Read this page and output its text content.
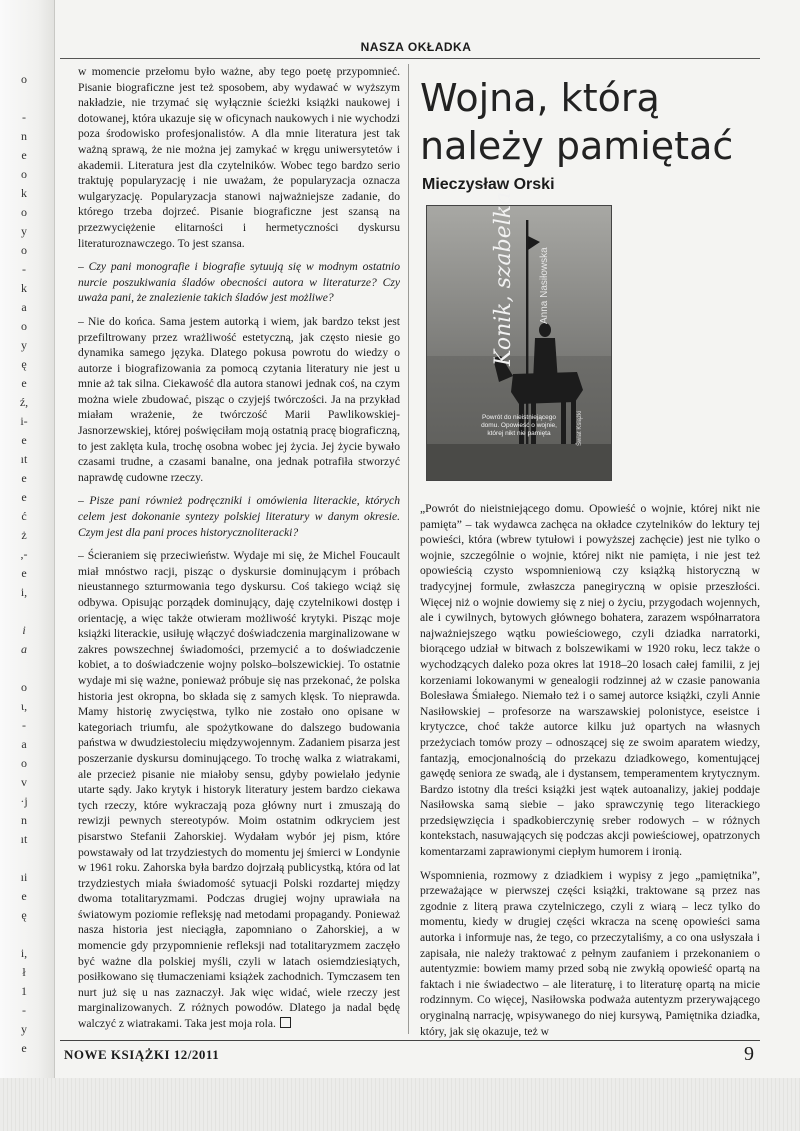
o
-
n
e
o
k
o
y
o
-
k
a
o
y
ę
e
ź,
i-
e
ıt
e
e
ć
ż
,-
e
i,
i
a
o
ι,
-
a
o
v
·j
n
ıt
ıi
e
ę
i,
ł
1
-
y
e
NASZA OKŁADKA

w momencie przełomu było ważne, aby tego poetę przypomnieć. Pisanie biograficzne jest też sposobem, aby wydawać w wyższym nakładzie, nie trzymać się wyłącznie ścieżki książki naukowej i dotowanej, która ukazuje się w oficynach naukowych i nie wychodzi poza środowisko profesjonalistów. A dla mnie literatura jest tak ważną sprawą, że nie można jej zamykać w kręgu uniwersytetów i akademii. Literatura jest dla czytelników. Wobec tego bardzo serio traktuję popularyzację i nie uważam, że popularyzacja oznacza wulgaryzację. Popularyzacja stanowi najważniejsze zadanie, do którego trzeba dojrzeć. Pisanie biograficzne jest szansą na przezwyciężenie elitarności i hermetyczności dyskursu literaturoznawczego. To jest szansa.

– Czy pani monografie i biografie sytuują się w modnym ostatnio nurcie poszukiwania śladów obecności autora w literaturze? Czy uważa pani, że znalezienie takich śladów jest możliwe?

– Nie do końca. Sama jestem autorką i wiem, jak bardzo tekst jest przefiltrowany przez wrażliwość estetyczną, jak często niesie go dynamika samego języka. Dlatego pokusa powrotu do wiedzy o autorze i biografizowania za pomocą czytania literatury nie jest u mnie aż tak silna. Ciekawość dla autora stanowi jednak coś, na czym można wiele zbudować, pisząc o czyjejś twórczości. Ja na przykład miałam wrażenie, że twórczość Marii Pawlikowskiej-Jasnorzewskiej, której poświęciłam moją ostatnią pracę biograficzną, to jest zaklęta kula, trochę osobna wobec jej życia. Jej życie bywało czasami trudne, a czasami banalne, ona jednak potrafiła stworzyć naprawdę cudowne rzeczy.

– Pisze pani również podręczniki i omówienia literackie, których celem jest dokonanie syntezy polskiej literatury w danym okresie. Czym jest dla pani proces historycznoliteracki?

– Ścieraniem się przeciwieństw. Wydaje mi się, że Michel Foucault miał mnóstwo racji, pisząc o dyskursie dominującym i próbach nieustannego szturmowania tego dyskursu. Coś takiego wciąż się odbywa. Opisując porządek dominujący, daję czytelnikowi dostęp i orientację, a więc także otwieram możliwość krytyki. Pisząc moje książki literackie, usiłuję włączyć doświadczenia marginalizowane w zakres powszechnej świadomości, przemycić a to doświadczenie kobiet, a to doświadczenie wojny polsko–bolszewickiej. To ostatnie wydaje mi się ważne, ponieważ próbuje się nas przekonać, że polska historia jest okropna, bo składa się z samych klęsk. To nieprawda. Mamy historię zwycięstwa, tylko nie zostało ono opisane w kategoriach triumfu, ale spożytkowane do dalszego budowania państwa w dwudziestoleciu międzywojennym. Zadaniem pisarza jest poszerzanie dyskursu dominującego. To trochę walka z wiatrakami, ale przecież pisanie nie miałoby sensu, gdyby powielało jedynie utarte sądy. Jako krytyk i historyk literatury jestem bardzo ciekawa tych rzeczy, które wykraczają poza główny nurt i zmuszają do rewizji pewnych stereotypów. Moim ostatnim odkryciem jest pisarstwo Stefanii Zahorskiej. Wydałam wybór jej pism, które powstawały od lat trzydziestych do momentu jej śmierci w Londynie w 1961 roku. Zahorska była bardzo dojrzałą publicystką, która od lat trzydziestych miała świadomość sytuacji Polski rozdartej między dwoma totalitaryzmami. Podczas drugiej wojny uprawiała na światowym poziomie refleksję nad metodami propagandy. Ponieważ nasza historia jest nieciągła, zapomniano o Zahorskiej, a w momencie gdy przypomnienie refleksji nad totalitaryzmem zaczęło być ważne dla polskiej myśli, czyli w latach osiemdziesiątych, posiłkowano się tłumaczeniami książek zachodnich. Tymczasem ten nurt już się u nas zaznaczył. Jak więc widać, wiele rzeczy jest marginalizowanych. Z różnych powodów. Dlatego ja nadal będę walczyć z wiatrakami. Taka jest moja rola.

Wojna, którą należy pamiętać
Mieczysław Orski
Anna Nasiłowska
Konik, szabelka
Powrót do nieistniejącego domu. Opowieść o wojnie, której nikt nie pamięta	Świat Książki

„Powrót do nieistniejącego domu. Opowieść o wojnie, której nikt nie pamięta” – tak wydawca zachęca na okładce czytelników do lektury tej powieści, która (wbrew tytułowi i powyższej zachęcie) jest nie tylko o wojnie, szczególnie o wojnie, której nikt nie pamięta, i nie jest też opowieścią czysto wspomnieniową czy książką historyczną w tradycyjnej formule, zwłaszcza panegiryczną w opisie przeszłości. Więcej niż o wojnie dowiemy się z niej o życiu, przygodach wojennych, ale i cywilnych, bytowych głównego bohatera, zarazem współnarratora najważniejszego wątku powieściowego, czyli dziadka narratorki, biorącego udział w bitwach z bolszewikami w 1920 roku, lecz także o wychodzących daleko poza okres lat 1918–20 losach całej familii, z jej korzeniami lokowanymi w genealogii rodzinnej aż w czasie panowania Bolesława Śmiałego. Niemało też i o samej autorce książki, czyli Annie Nasiłowskiej – profesorze na warszawskiej polonistyce, eseistce i krytyczce, choć także autorce kilku już opartych na własnych przeżyciach tomów prozy – odnoszącej się ze swoim aparatem wiedzy, fantazją, emocjonalnością do przekazu dziadkowego, komentującej gawędę seniora ze swadą, ale i dystansem, temperamentem krytycznym. Bardzo istotny dla treści książki jest wątek autoanalizy, jakiej poddaje Nasiłowska samą siebie – jako sprawczynię tego literackiego przedsięwzięcia i spadkobierczynię sreber rodowych – w różnych kontekstach, nasuwających się podczas akcji powieściowej, opatrzonych komentarzami zaprawionymi ciepłym humorem i ironią.

Wspomnienia, rozmowy z dziadkiem i wypisy z jego „pamiętnika”, przeważające w pierwszej części książki, traktowane są przez nas zgodnie z literą prawa czytelniczego, czyli z wiarą – lecz tylko do momentu, kiedy w drugiej części wkracza na scenę opowieści sama autorka i informuje nas, że tego, co przeczytaliśmy, a co ona usłyszała i zapisała, nie należy traktować z pełnym zaufaniem i przekonaniem o autentyzmie: bowiem mamy przed sobą nie zwykłą opowieść opartą na faktach i nie świadectwo – ale literaturę, i to literaturę opartą na micie rodzinnym. Co więcej, Nasiłowska podważa autentyzm przerywającego oryginalną narrację, wpisywanego do niej kursywą, Pamiętnika dziadka, który, jak się okazuje, też w

NOWE KSIĄŻKI 12/2011	9
